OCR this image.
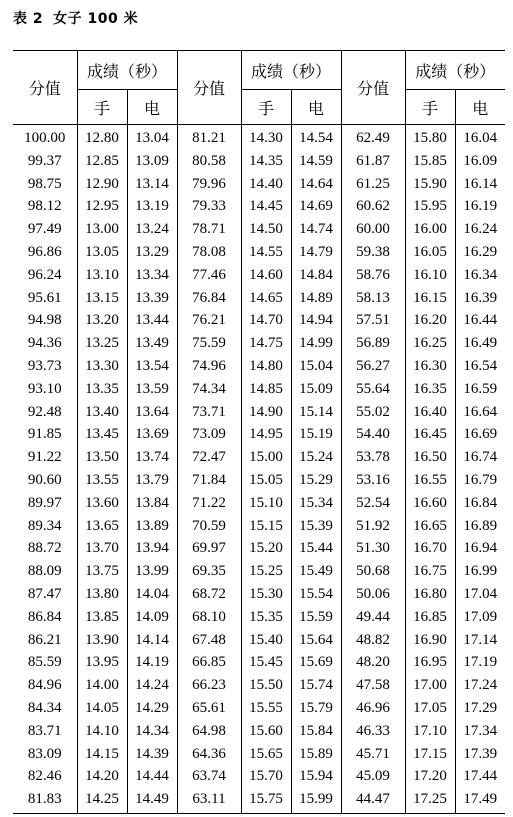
表 2 女子 100 米
分值	成绩（秒）		分值	成绩（秒）		分值	成绩（秒）	
	手	电		手	电		手	电
100.00	12.80	13.04	81.21	14.30	14.54	62.49	15.80	16.04
99.37	12.85	13.09	80.58	14.35	14.59	61.87	15.85	16.09
98.75	12.90	13.14	79.96	14.40	14.64	61.25	15.90	16.14
98.12	12.95	13.19	79.33	14.45	14.69	60.62	15.95	16.19
97.49	13.00	13.24	78.71	14.50	14.74	60.00	16.00	16.24
96.86	13.05	13.29	78.08	14.55	14.79	59.38	16.05	16.29
96.24	13.10	13.34	77.46	14.60	14.84	58.76	16.10	16.34
95.61	13.15	13.39	76.84	14.65	14.89	58.13	16.15	16.39
94.98	13.20	13.44	76.21	14.70	14.94	57.51	16.20	16.44
94.36	13.25	13.49	75.59	14.75	14.99	56.89	16.25	16.49
93.73	13.30	13.54	74.96	14.80	15.04	56.27	16.30	16.54
93.10	13.35	13.59	74.34	14.85	15.09	55.64	16.35	16.59
92.48	13.40	13.64	73.71	14.90	15.14	55.02	16.40	16.64
91.85	13.45	13.69	73.09	14.95	15.19	54.40	16.45	16.69
91.22	13.50	13.74	72.47	15.00	15.24	53.78	16.50	16.74
90.60	13.55	13.79	71.84	15.05	15.29	53.16	16.55	16.79
89.97	13.60	13.84	71.22	15.10	15.34	52.54	16.60	16.84
89.34	13.65	13.89	70.59	15.15	15.39	51.92	16.65	16.89
88.72	13.70	13.94	69.97	15.20	15.44	51.30	16.70	16.94
88.09	13.75	13.99	69.35	15.25	15.49	50.68	16.75	16.99
87.47	13.80	14.04	68.72	15.30	15.54	50.06	16.80	17.04
86.84	13.85	14.09	68.10	15.35	15.59	49.44	16.85	17.09
86.21	13.90	14.14	67.48	15.40	15.64	48.82	16.90	17.14
85.59	13.95	14.19	66.85	15.45	15.69	48.20	16.95	17.19
84.96	14.00	14.24	66.23	15.50	15.74	47.58	17.00	17.24
84.34	14.05	14.29	65.61	15.55	15.79	46.96	17.05	17.29
83.71	14.10	14.34	64.98	15.60	15.84	46.33	17.10	17.34
83.09	14.15	14.39	64.36	15.65	15.89	45.71	17.15	17.39
82.46	14.20	14.44	63.74	15.70	15.94	45.09	17.20	17.44
81.83	14.25	14.49	63.11	15.75	15.99	44.47	17.25	17.49
